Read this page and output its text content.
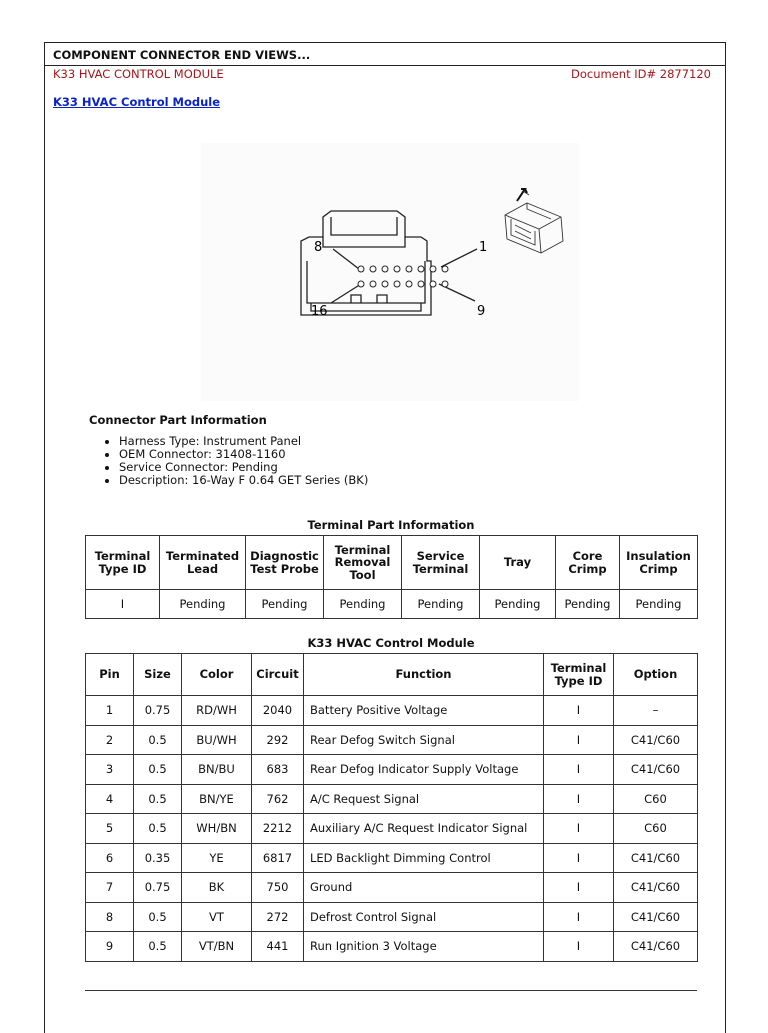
COMPONENT CONNECTOR END VIEWS...
K33 HVAC CONTROL MODULE	Document ID# 2877120
K33 HVAC Control Module
8	1
16	9
Connector Part Information
• Harness Type: Instrument Panel
• OEM Connector: 31408-1160
• Service Connector: Pending
• Description: 16-Way F 0.64 GET Series (BK)
Terminal Part Information
Terminal Type ID	Terminated Lead	Diagnostic Test Probe	Terminal Removal Tool	Service Terminal	Tray	Core Crimp	Insulation Crimp
I	Pending	Pending	Pending	Pending	Pending	Pending	Pending
K33 HVAC Control Module
Pin	Size	Color	Circuit	Function	Terminal Type ID	Option
1	0.75	RD/WH	2040	Battery Positive Voltage	I	–
2	0.5	BU/WH	292	Rear Defog Switch Signal	I	C41/C60
3	0.5	BN/BU	683	Rear Defog Indicator Supply Voltage	I	C41/C60
4	0.5	BN/YE	762	A/C Request Signal	I	C60
5	0.5	WH/BN	2212	Auxiliary A/C Request Indicator Signal	I	C60
6	0.35	YE	6817	LED Backlight Dimming Control	I	C41/C60
7	0.75	BK	750	Ground	I	C41/C60
8	0.5	VT	272	Defrost Control Signal	I	C41/C60
9	0.5	VT/BN	441	Run Ignition 3 Voltage	I	C41/C60
